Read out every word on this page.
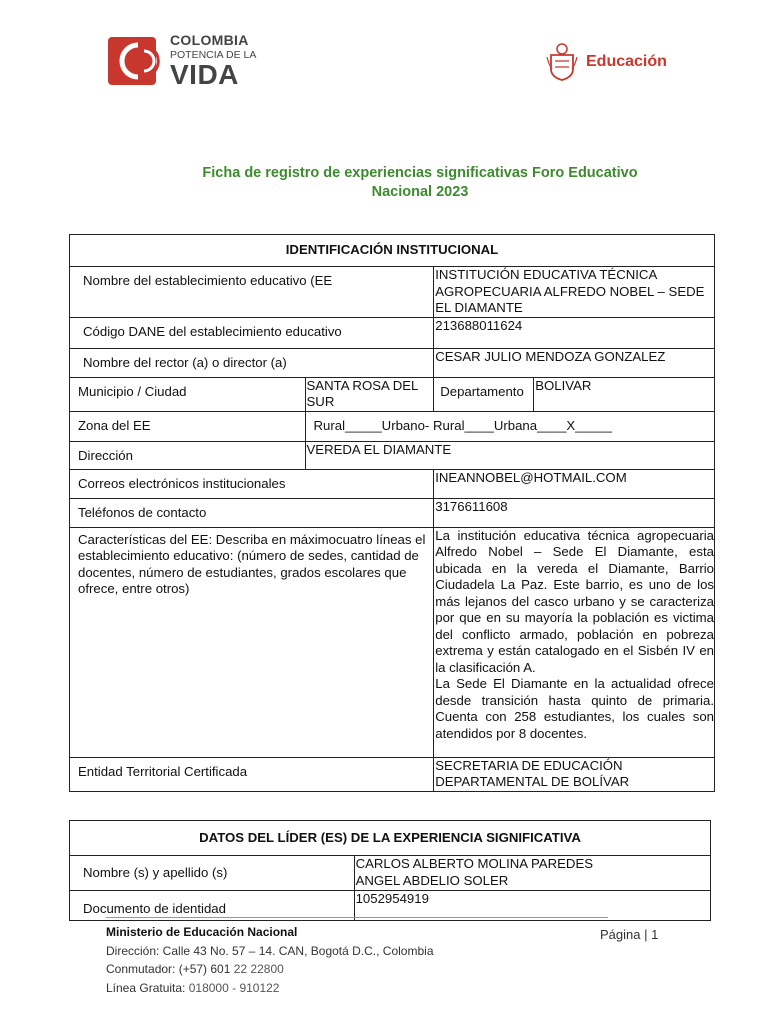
COLOMBIA
POTENCIA DE LA
VIDA	Educación
Ficha de registro de experiencias significativas Foro Educativo
Nacional 2023
IDENTIFICACIÓN INSTITUCIONAL			
Nombre del establecimiento educativo (EE		INSTITUCIÓN EDUCATIVA TÉCNICA AGROPECUARIA ALFREDO NOBEL – SEDE EL DIAMANTE	
Código DANE del establecimiento educativo		213688011624	
Nombre del rector (a) o director (a)		CESAR JULIO MENDOZA GONZALEZ	
Municipio / Ciudad	SANTA ROSA DEL SUR	Departamento	BOLIVAR
Zona del EE	Rural_____Urbano- Rural____Urbana____X_____		
Dirección	VEREDA EL DIAMANTE		
Correos electrónicos institucionales		INEANNOBEL@HOTMAIL.COM	
Teléfonos de contacto		3176611608	
Características del EE: Describa en máximocuatro líneas el establecimiento educativo: (número de sedes, cantidad de docentes, número de estudiantes, grados escolares que ofrece, entre otros)		La institución educativa técnica agropecuaria Alfredo Nobel – Sede El Diamante, esta ubicada en la vereda el Diamante, Barrio Ciudadela La Paz. Este barrio, es uno de los más lejanos del casco urbano y se caracteriza por que en su mayoría la población es victima del conflicto armado, población en pobreza extrema y están catalogado en el Sisbén IV en la clasificación A.
La Sede El Diamante en la actualidad ofrece desde transición hasta quinto de primaria. Cuenta con 258 estudiantes, los cuales son atendidos por 8 docentes.	

Entidad Territorial Certificada		SECRETARIA DE EDUCACIÓN DEPARTAMENTAL DE BOLÍVAR	
DATOS DEL LÍDER (ES) DE LA EXPERIENCIA SIGNIFICATIVA	
Nombre (s) y apellido (s)	CARLOS ALBERTO MOLINA PAREDES
ANGEL ABDELIO SOLER

Documento de identidad	1052954919
Ministerio de Educación Nacional
Dirección: Calle 43 No. 57 – 14. CAN, Bogotá D.C., Colombia
Conmutador: (+57) 601 22 22800
Línea Gratuita: 018000 - 910122
Página | 1
